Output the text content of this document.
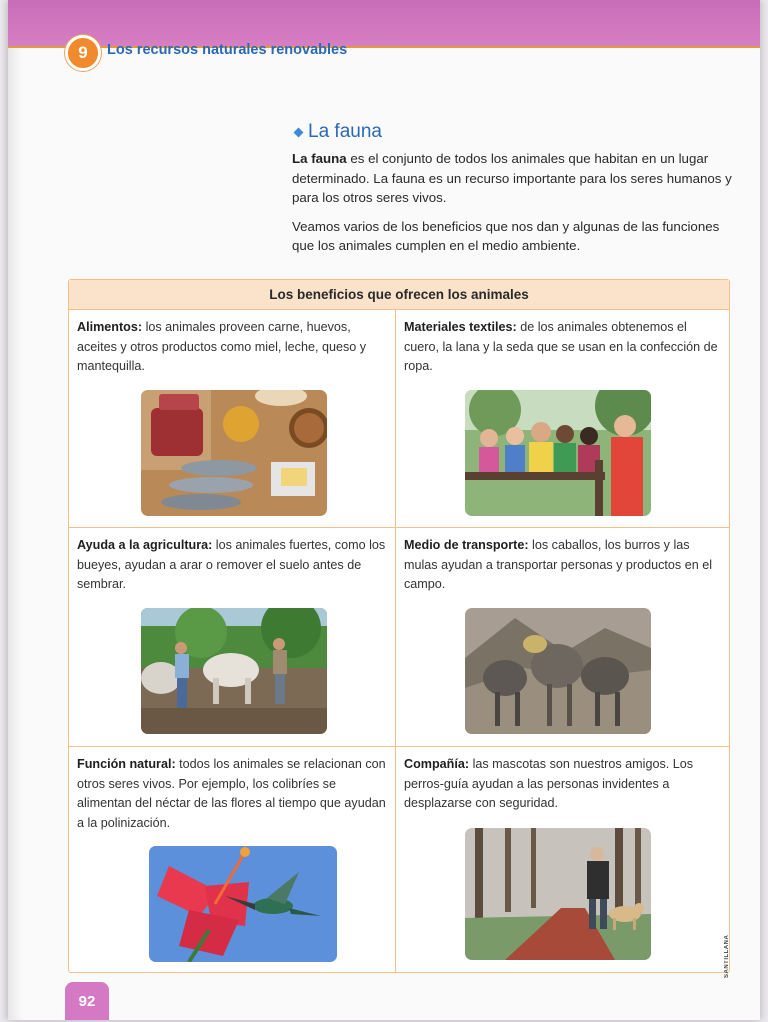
9	Los recursos naturales renovables
La fauna

La fauna es el conjunto de todos los animales que habitan en un lugar determinado. La fauna es un recurso importante para los seres humanos y para los otros seres vivos.

Veamos varios de los beneficios que nos dan y algunas de las funciones que los animales cumplen en el medio ambiente.

Los beneficios que ofrecen los animales
Alimentos: los animales proveen carne, huevos, aceites y otros productos como miel, leche, queso y mantequilla.
Materiales textiles: de los animales obtenemos el cuero, la lana y la seda que se usan en la confección de ropa.
Ayuda a la agricultura: los animales fuertes, como los bueyes, ayudan a arar o remover el suelo antes de sembrar.
Medio de transporte: los caballos, los burros y las mulas ayudan a transportar personas y productos en el campo.
Función natural: todos los animales se relacionan con otros seres vivos. Por ejemplo, los colibríes se alimentan del néctar de las flores al tiempo que ayudan a la polinización.
Compañía: las mascotas son nuestros amigos. Los perros-guía ayudan a las personas invidentes a desplazarse con seguridad.
92
SANTILLANA
